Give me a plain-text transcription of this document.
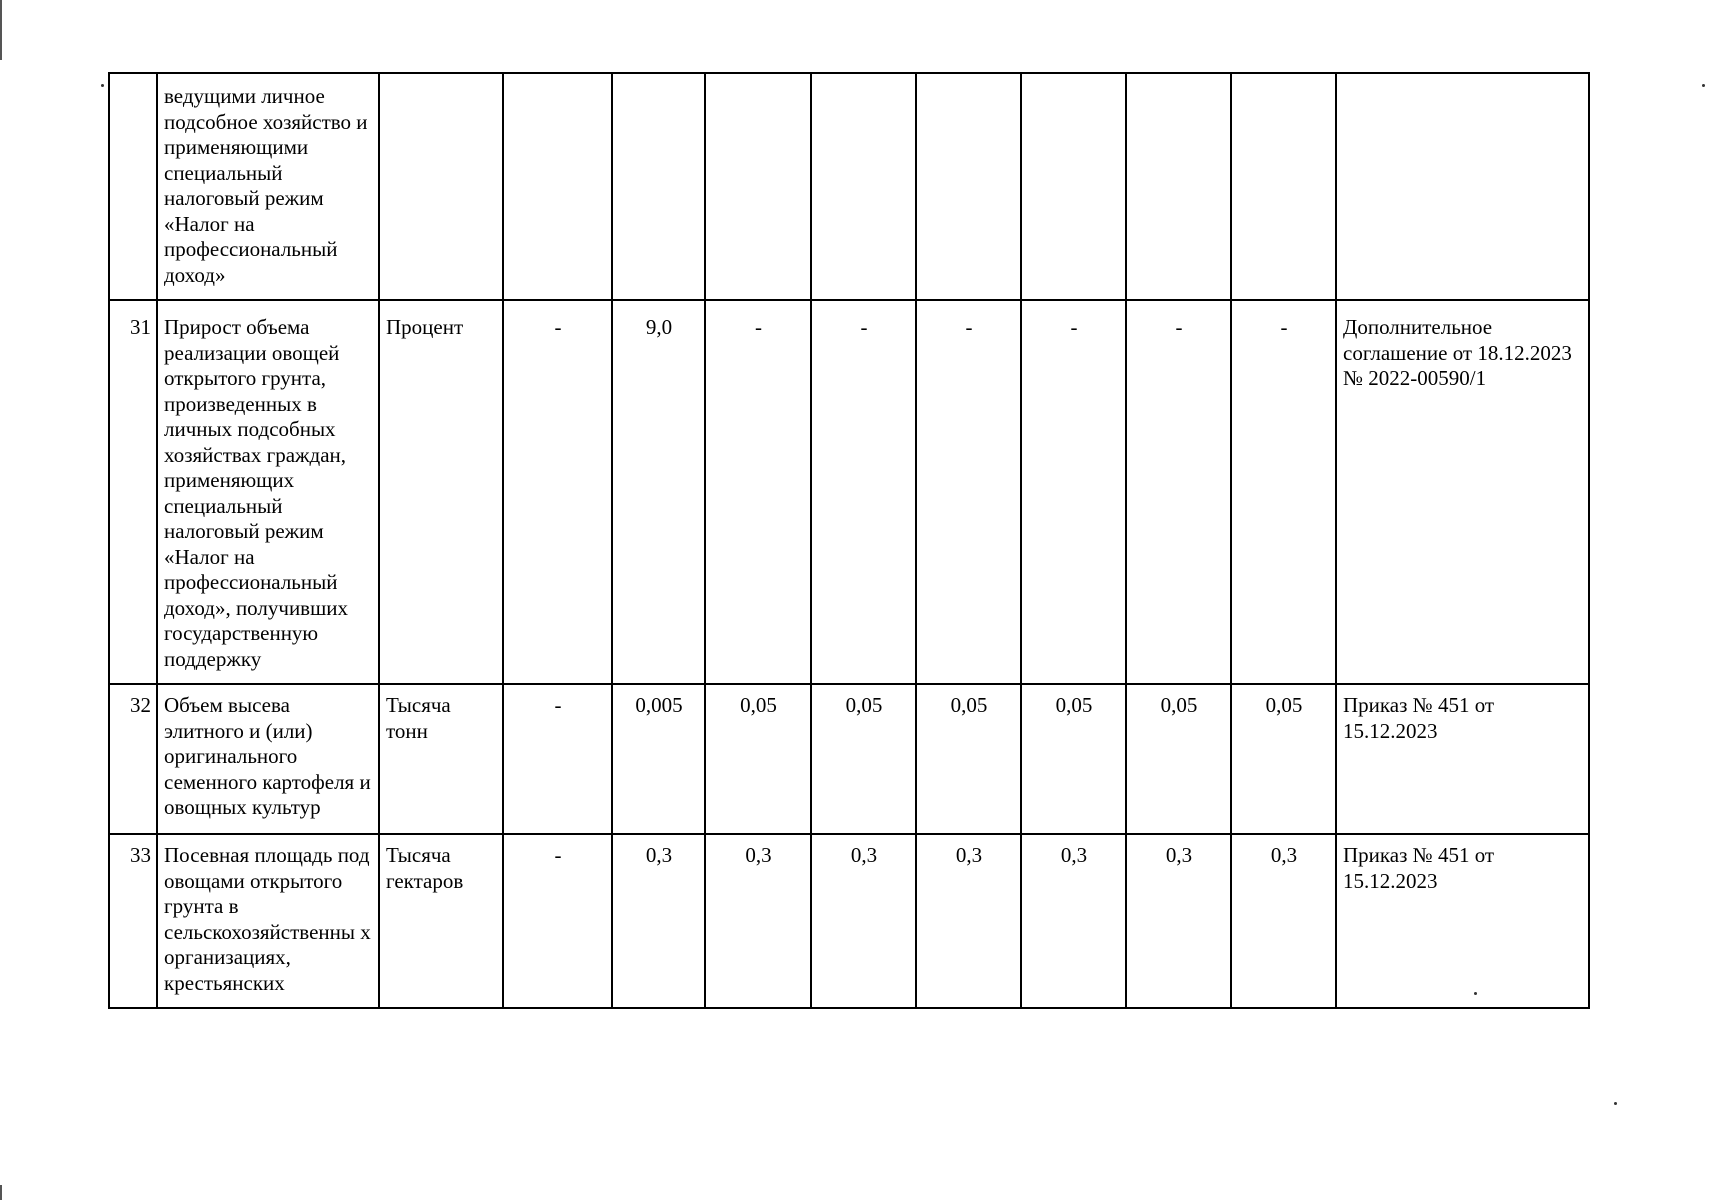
	ведущими личное подсобное хозяйство и применяющими специальный налоговый режим «Налог на профессиональный доход»										
31	Прирост объема реализации овощей открытого грунта, произведенных в личных подсобных хозяйствах граждан, применяющих специальный налоговый режим «Налог на профессиональный доход», получивших государственную поддержку	Процент	-	9,0	-	-	-	-	-	-	Дополнительное соглашение от 18.12.2023 № 2022-00590/1
32	Объем высева элитного и (или) оригинального семенного картофеля и овощных культур	Тысяча тонн	-	0,005	0,05	0,05	0,05	0,05	0,05	0,05	Приказ № 451 от 15.12.2023
33	Посевная площадь под овощами открытого грунта в сельскохозяйственны х организациях, крестьянских	Тысяча гектаров	-	0,3	0,3	0,3	0,3	0,3	0,3	0,3	Приказ № 451 от 15.12.2023
